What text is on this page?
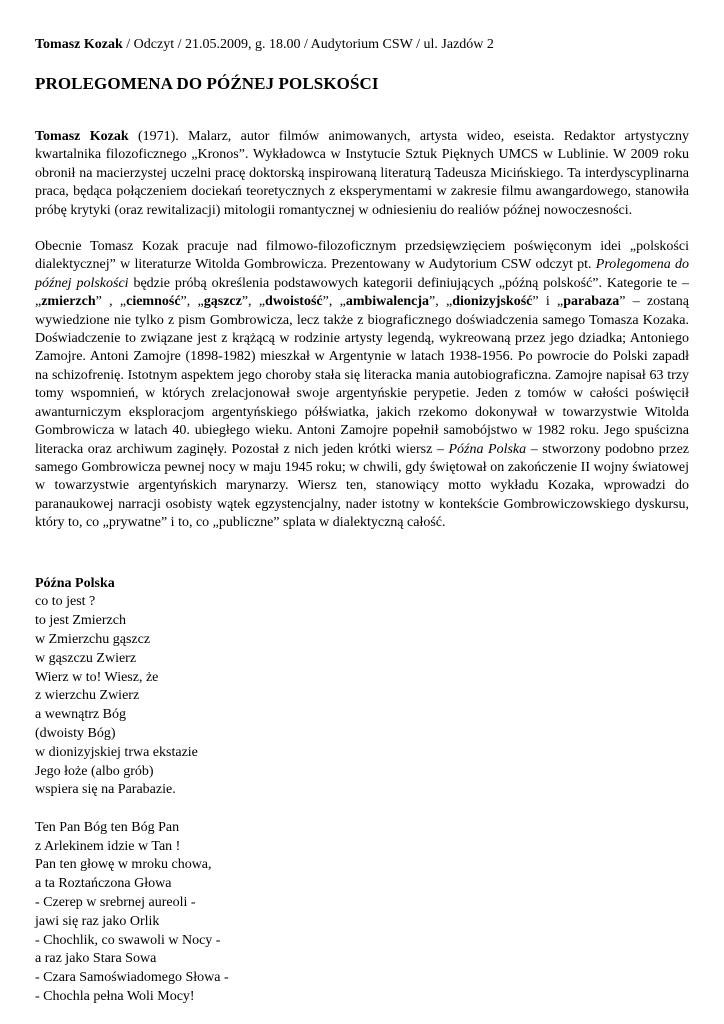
Tomasz Kozak / Odczyt / 21.05.2009, g. 18.00 / Audytorium CSW / ul. Jazdów 2

PROLEGOMENA DO PÓŹNEJ POLSKOŚCI

Tomasz Kozak (1971). Malarz, autor filmów animowanych, artysta wideo, eseista. Redaktor artystyczny kwartalnika filozoficznego „Kronos”. Wykładowca w Instytucie Sztuk Pięknych UMCS w Lublinie. W 2009 roku obronił na macierzystej uczelni pracę doktorską inspirowaną literaturą Tadeusza Micińskiego. Ta interdyscyplinarna praca, będąca połączeniem dociekań teoretycznych z eksperymentami w zakresie filmu awangardowego, stanowiła próbę krytyki (oraz rewitalizacji) mitologii romantycznej w odniesieniu do realiów późnej nowoczesności.

Obecnie Tomasz Kozak pracuje nad filmowo-filozoficznym przedsięwzięciem poświęconym idei „polskości dialektycznej” w literaturze Witolda Gombrowicza. Prezentowany w Audytorium CSW odczyt pt. Prolegomena do późnej polskości będzie próbą określenia podstawowych kategorii definiujących „późną polskość”. Kategorie te – „zmierzch” , „ciemność”, „gąszcz”, „dwoistość”, „ambiwalencja”, „dionizyjskość” i „parabaza” – zostaną wywiedzione nie tylko z pism Gombrowicza, lecz także z biograficznego doświadczenia samego Tomasza Kozaka. Doświadczenie to związane jest z krążącą w rodzinie artysty legendą, wykreowaną przez jego dziadka; Antoniego Zamojre. Antoni Zamojre (1898-1982) mieszkał w Argentynie w latach 1938-1956. Po powrocie do Polski zapadł na schizofrenię. Istotnym aspektem jego choroby stała się literacka mania autobiograficzna. Zamojre napisał 63 trzy tomy wspomnień, w których zrelacjonował swoje argentyńskie perypetie. Jeden z tomów w całości poświęcił awanturniczym eksploracjom argentyńskiego półświatka, jakich rzekomo dokonywał w towarzystwie Witolda Gombrowicza w latach 40. ubiegłego wieku. Antoni Zamojre popełnił samobójstwo w 1982 roku. Jego spuścizna literacka oraz archiwum zaginęły. Pozostał z nich jeden krótki wiersz – Późna Polska – stworzony podobno przez samego Gombrowicza pewnej nocy w maju 1945 roku; w chwili, gdy świętował on zakończenie II wojny światowej w towarzystwie argentyńskich marynarzy. Wiersz ten, stanowiący motto wykładu Kozaka, wprowadzi do paranaukowej narracji osobisty wątek egzystencjalny, nader istotny w kontekście Gombrowiczowskiego dyskursu, który to, co „prywatne” i to, co „publiczne” splata w dialektyczną całość.

Późna Polska

co to jest ?
to jest Zmierzch
w Zmierzchu gąszcz
w gąszczu Zwierz
Wierz w to! Wiesz, że
z wierzchu Zwierz
a wewnątrz Bóg
(dwoisty Bóg)
w dionizyjskiej trwa ekstazie
Jego łoże (albo grób)
wspiera się na Parabazie.

Ten Pan Bóg ten Bóg Pan
z Arlekinem idzie w Tan !
Pan ten głowę w mroku chowa,
a ta Roztańczona Głowa
- Czerep w srebrnej aureoli -
jawi się raz jako Orlik
- Chochlik, co swawoli w Nocy -
a raz jako Stara Sowa
- Czara Samoświadomego Słowa -
- Chochla pełna Woli Mocy!
